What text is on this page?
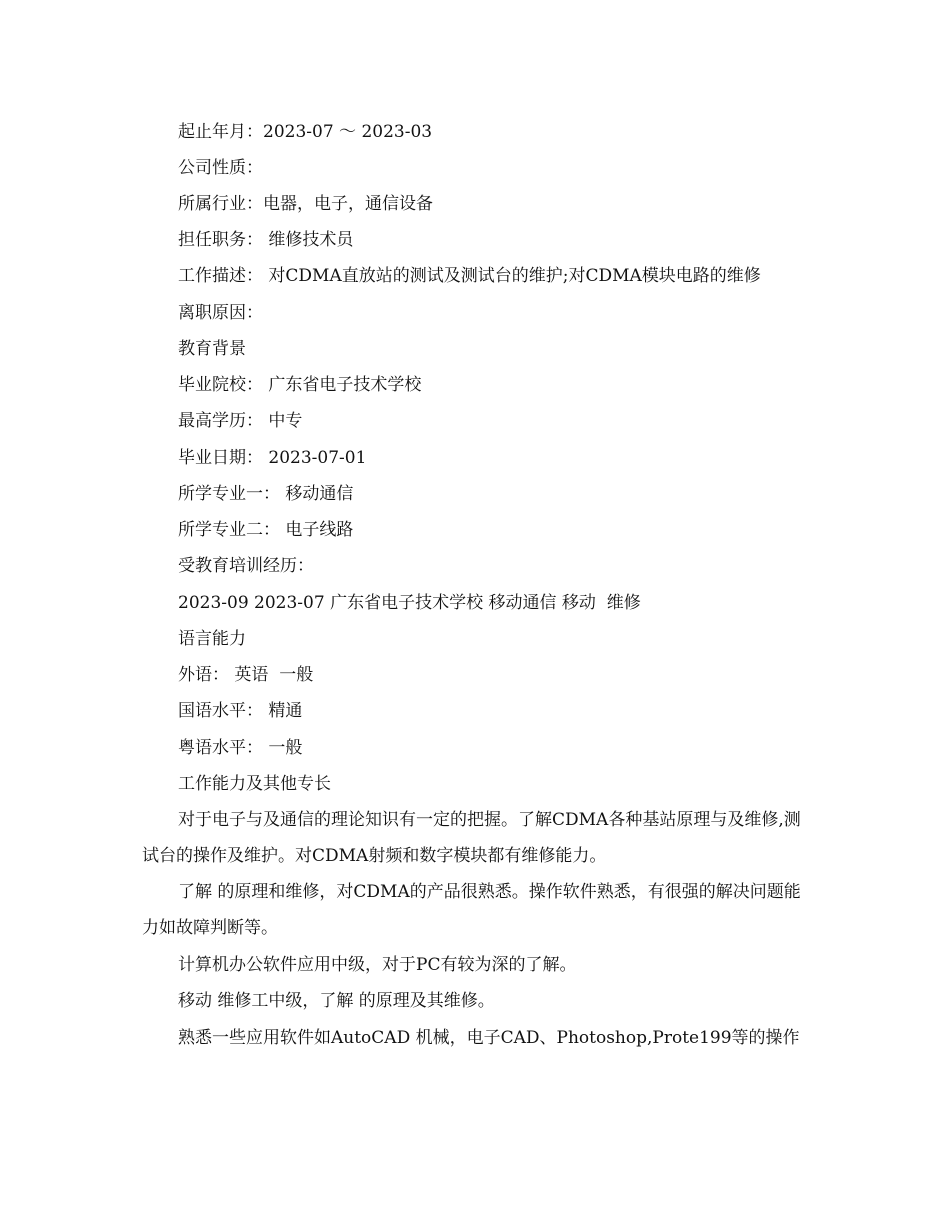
起止年月：2023-07 ～ 2023-03

公司性质：

所属行业：电器，电子，通信设备

担任职务： 维修技术员

工作描述： 对CDMA直放站的测试及测试台的维护;对CDMA模块电路的维修

离职原因：

教育背景

毕业院校： 广东省电子技术学校

最高学历： 中专

毕业日期： 2023-07-01

所学专业一： 移动通信

所学专业二： 电子线路

受教育培训经历：

2023-09 2023-07 广东省电子技术学校 移动通信 移动  维修

语言能力

外语： 英语  一般

国语水平： 精通

粤语水平： 一般

工作能力及其他专长

对于电子与及通信的理论知识有一定的把握。了解CDMA各种基站原理与及维修,测试台的操作及维护。对CDMA射频和数字模块都有维修能力。

了解 的原理和维修，对CDMA的产品很熟悉。操作软件熟悉，有很强的解决问题能力如故障判断等。

计算机办公软件应用中级，对于PC有较为深的了解。

移动 维修工中级，了解 的原理及其维修。

熟悉一些应用软件如AutoCAD 机械，电子CAD、Photoshop,Prote199等的操作
